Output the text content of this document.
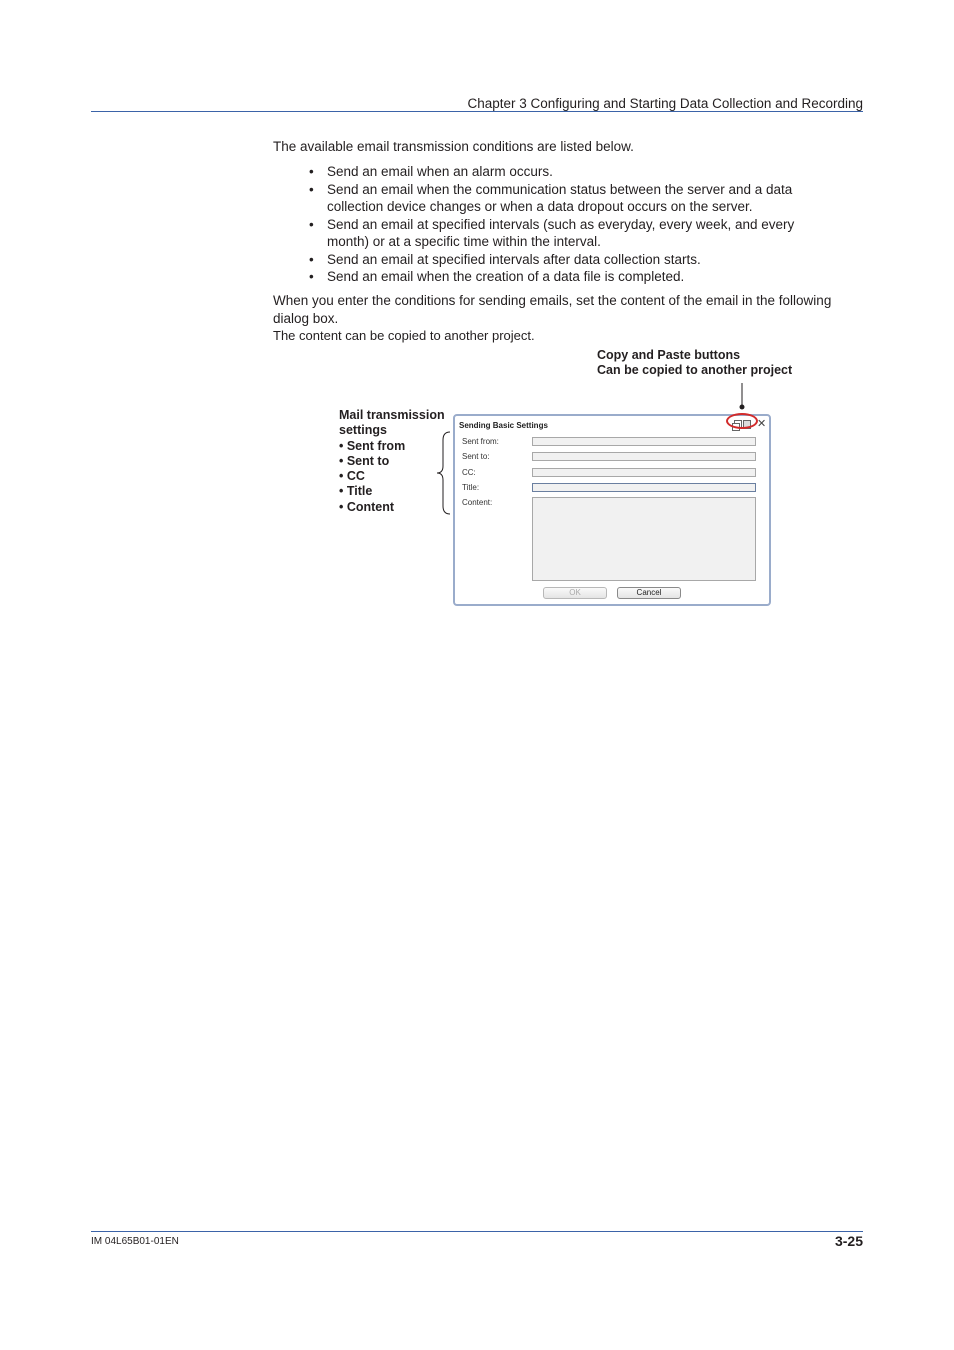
Chapter 3 Configuring and Starting Data Collection and Recording
The available email transmission conditions are listed below.
• Send an email when an alarm occurs.
• Send an email when the communication status between the server and a data collection device changes or when a data dropout occurs on the server.
• Send an email at specified intervals (such as everyday, every week, and every month) or at a specific time within the interval.
• Send an email at specified intervals after data collection starts.
• Send an email when the creation of a data file is completed.
When you enter the conditions for sending emails, set the content of the email in the following dialog box.
The content can be copied to another project.
Copy and Paste buttons
Can be copied to another project
Mail transmission
settings
• Sent from
• Sent to
• CC
• Title
• Content
Sending Basic Settings	✕
Sent from:
Sent to:
CC:
Title:
Content:
OK	Cancel
IM 04L65B01-01EN	3-25
